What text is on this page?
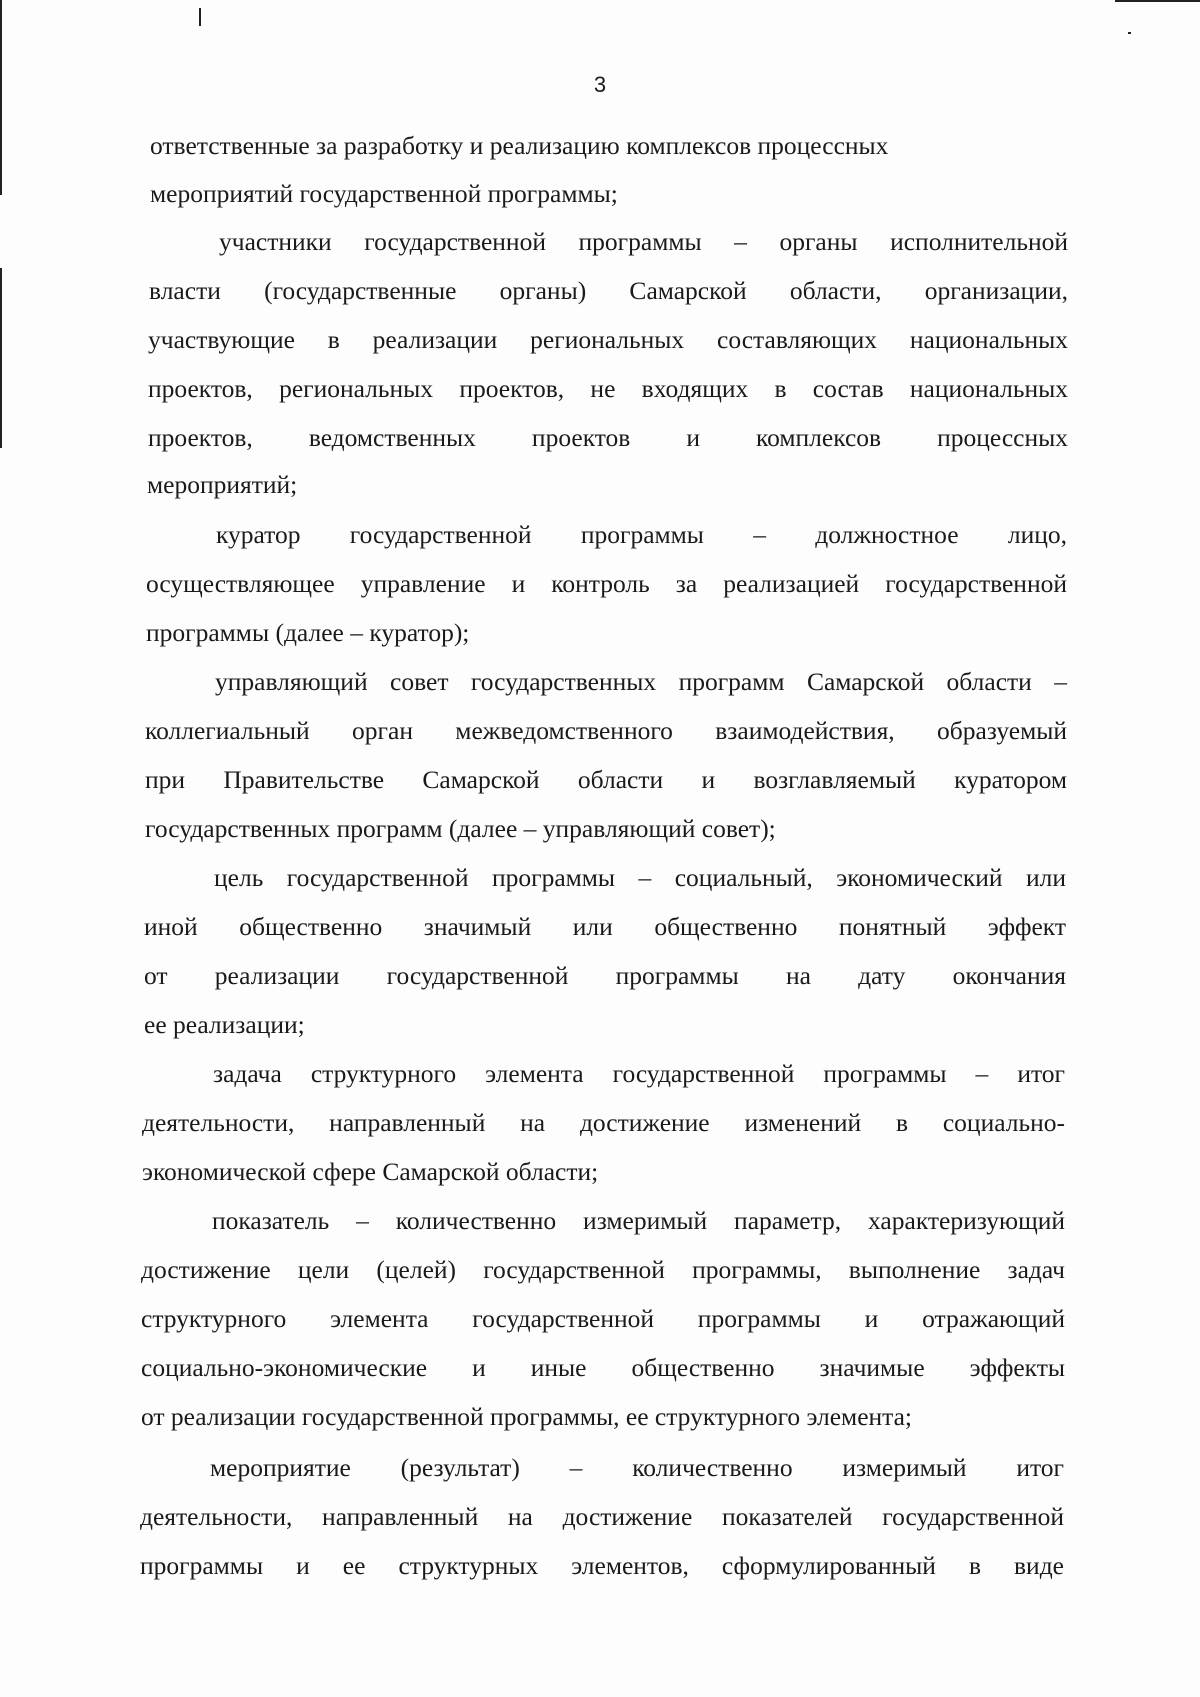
3
ответственные за разработку и реализацию комплексов процессных
мероприятий государственной программы;
участники государственной программы – органы исполнительной
власти (государственные органы) Самарской области, организации,
участвующие в реализации региональных составляющих национальных
проектов, региональных проектов, не входящих в состав национальных
проектов, ведомственных проектов и комплексов процессных
мероприятий;
куратор государственной программы – должностное лицо,
осуществляющее управление и контроль за реализацией государственной
программы (далее – куратор);
управляющий совет государственных программ Самарской области –
коллегиальный орган межведомственного взаимодействия, образуемый
при Правительстве Самарской области и возглавляемый куратором
государственных программ (далее – управляющий совет);
цель государственной программы – социальный, экономический или
иной общественно значимый или общественно понятный эффект
от реализации государственной программы на дату окончания
ее реализации;
задача структурного элемента государственной программы – итог
деятельности, направленный на достижение изменений в социально-
экономической сфере Самарской области;
показатель – количественно измеримый параметр, характеризующий
достижение цели (целей) государственной программы, выполнение задач
структурного элемента государственной программы и отражающий
социально-экономические и иные общественно значимые эффекты
от реализации государственной программы, ее структурного элемента;
мероприятие (результат) – количественно измеримый итог
деятельности, направленный на достижение показателей государственной
программы и ее структурных элементов, сформулированный в виде
